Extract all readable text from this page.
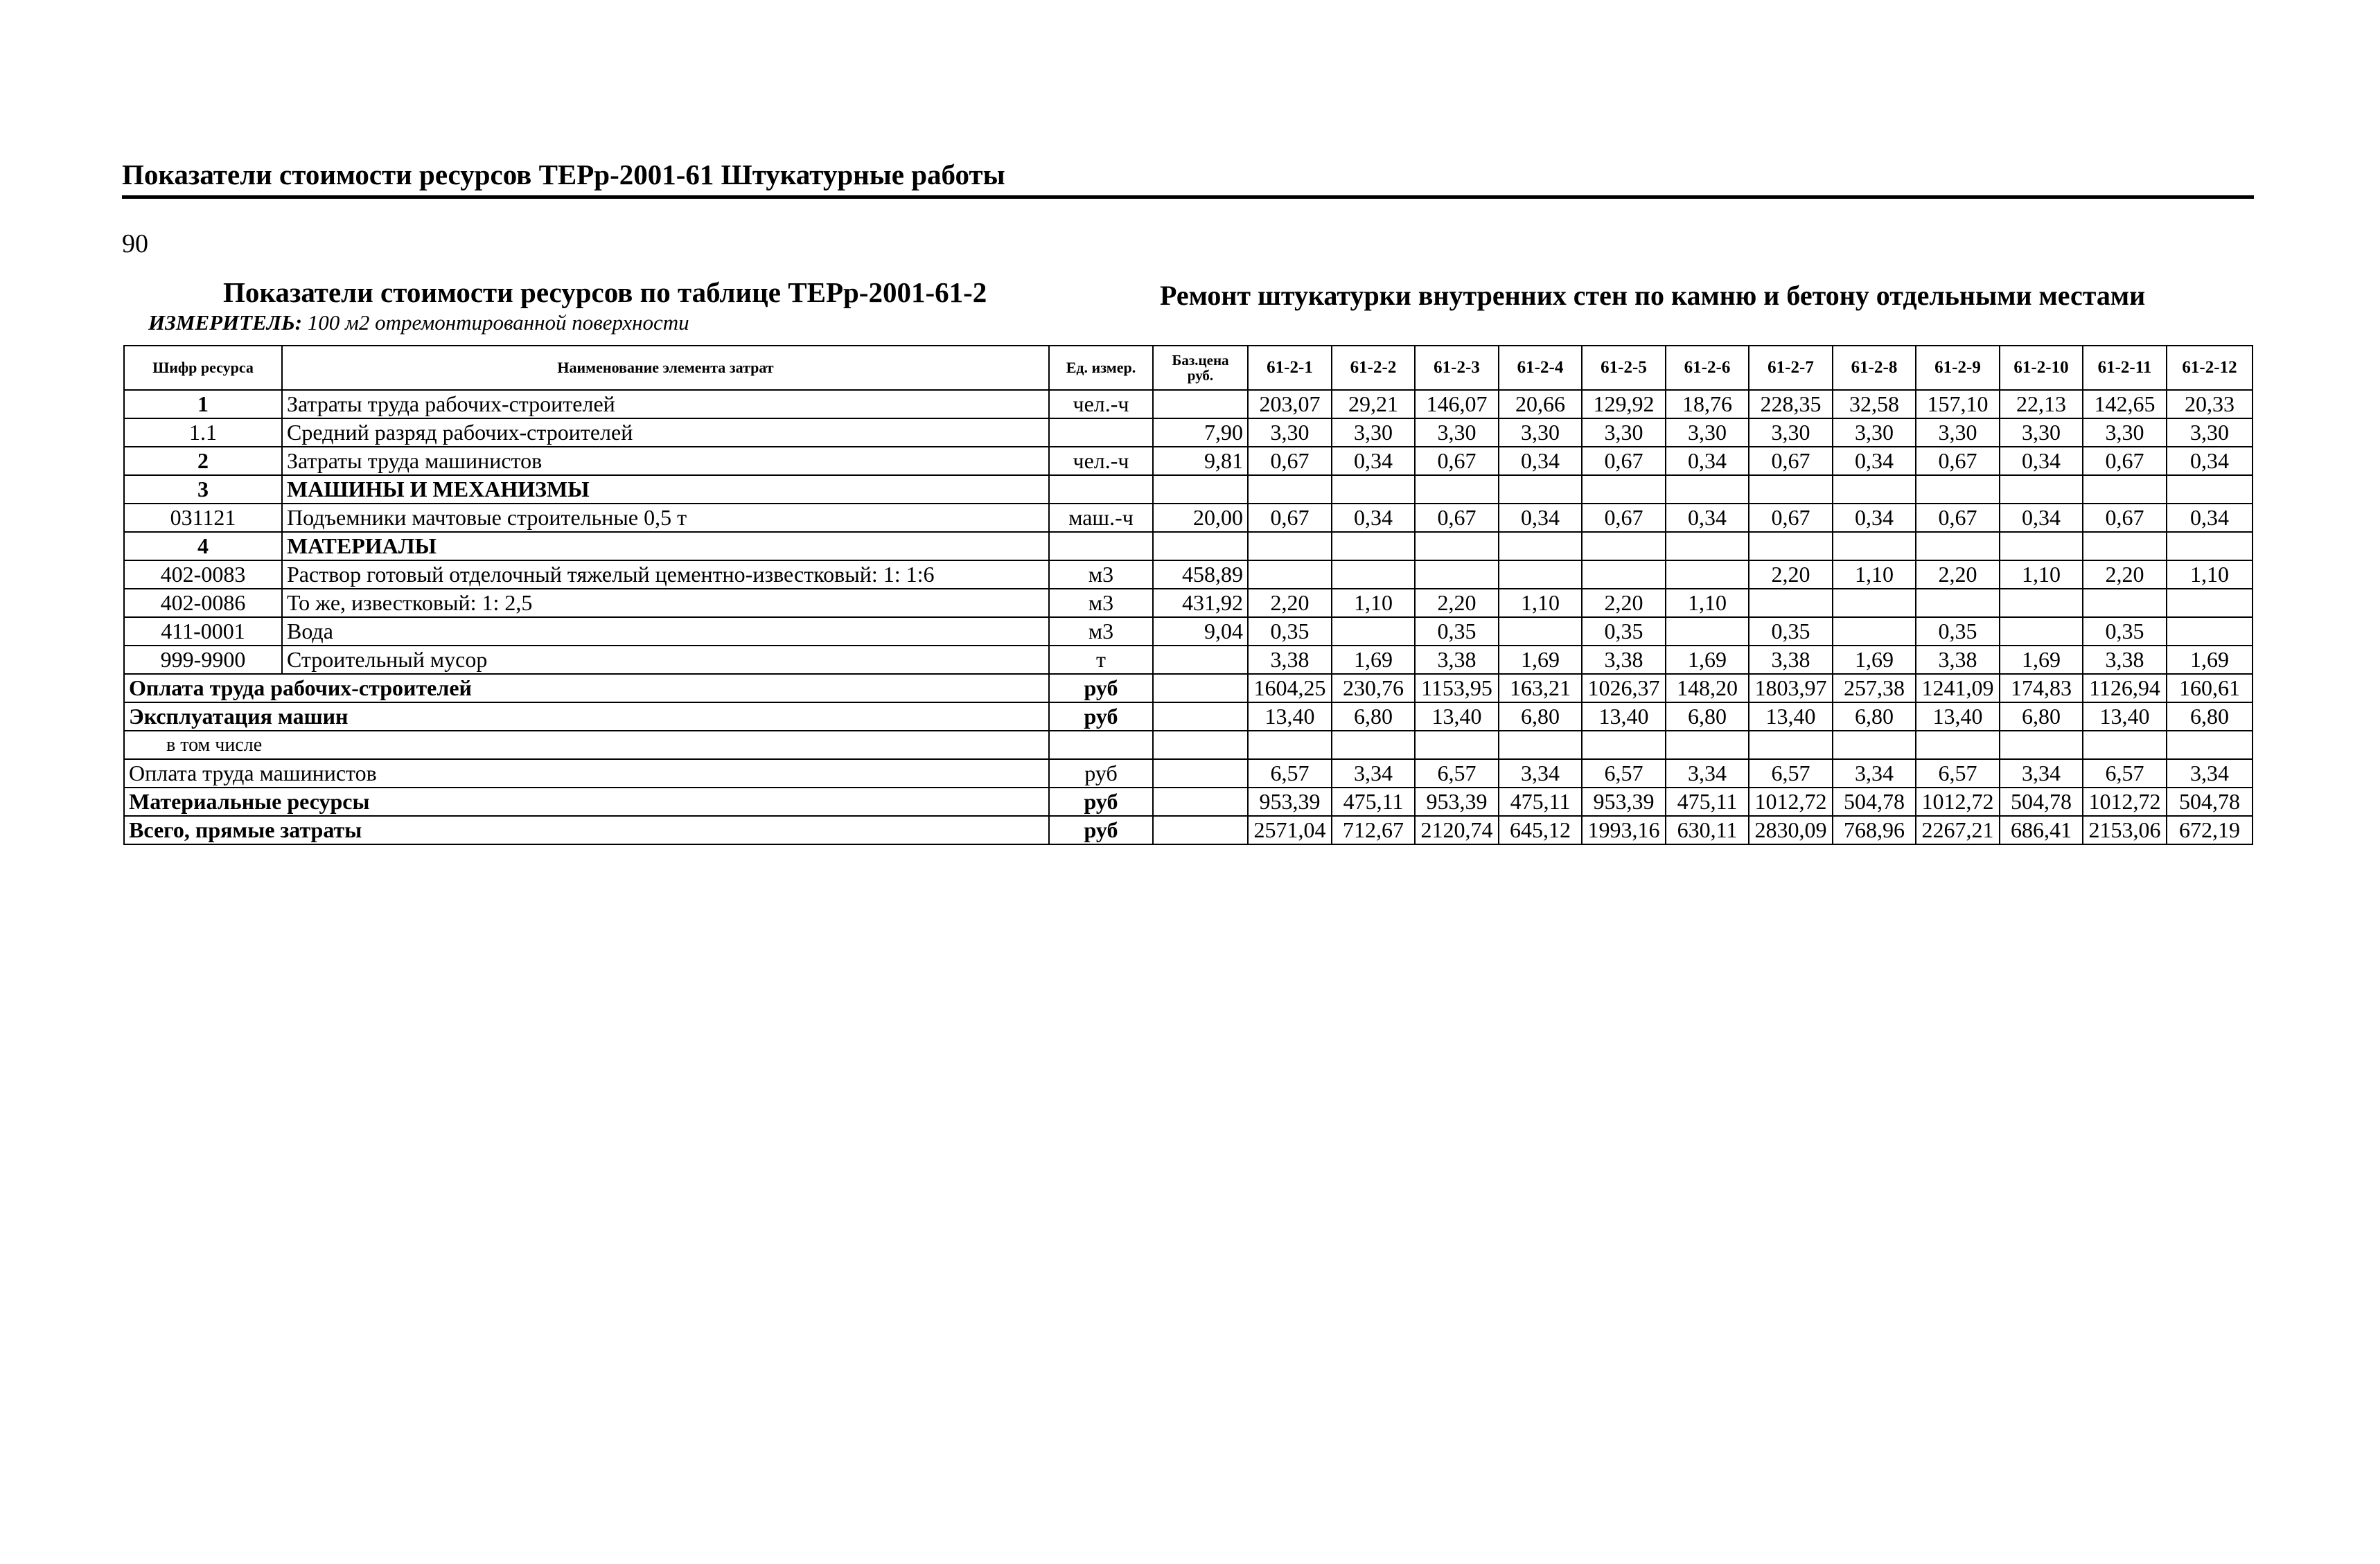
Показатели стоимости ресурсов ТЕРр-2001-61 Штукатурные работы
90
Показатели стоимости ресурсов по таблице ТЕРр-2001-61-2	Ремонт штукатурки внутренних стен по камню и бетону отдельными местами
ИЗМЕРИТЕЛЬ: 100 м2 отремонтированной поверхности
Шифр ресурса	Наименование элемента затрат	Ед. измер.	Баз.цена руб.	61-2-1	61-2-2	61-2-3	61-2-4	61-2-5	61-2-6	61-2-7	61-2-8	61-2-9	61-2-10	61-2-11	61-2-12
1	Затраты труда рабочих-строителей	чел.-ч		203,07	29,21	146,07	20,66	129,92	18,76	228,35	32,58	157,10	22,13	142,65	20,33
1.1	Средний разряд рабочих-строителей		7,90	3,30	3,30	3,30	3,30	3,30	3,30	3,30	3,30	3,30	3,30	3,30	3,30
2	Затраты труда машинистов	чел.-ч	9,81	0,67	0,34	0,67	0,34	0,67	0,34	0,67	0,34	0,67	0,34	0,67	0,34
3	МАШИНЫ И МЕХАНИЗМЫ														
031121	Подъемники мачтовые строительные 0,5 т	маш.-ч	20,00	0,67	0,34	0,67	0,34	0,67	0,34	0,67	0,34	0,67	0,34	0,67	0,34
4	МАТЕРИАЛЫ														
402-0083	Раствор готовый отделочный тяжелый цементно-известковый: 1: 1:6	м3	458,89							2,20	1,10	2,20	1,10	2,20	1,10
402-0086	То же, известковый: 1: 2,5	м3	431,92	2,20	1,10	2,20	1,10	2,20	1,10						
411-0001	Вода	м3	9,04	0,35		0,35		0,35		0,35		0,35		0,35	
999-9900	Строительный мусор	т		3,38	1,69	3,38	1,69	3,38	1,69	3,38	1,69	3,38	1,69	3,38	1,69
Оплата труда рабочих-строителей		руб		1604,25	230,76	1153,95	163,21	1026,37	148,20	1803,97	257,38	1241,09	174,83	1126,94	160,61
Эксплуатация машин		руб		13,40	6,80	13,40	6,80	13,40	6,80	13,40	6,80	13,40	6,80	13,40	6,80
в том числе															
Оплата труда машинистов		руб		6,57	3,34	6,57	3,34	6,57	3,34	6,57	3,34	6,57	3,34	6,57	3,34
Материальные ресурсы		руб		953,39	475,11	953,39	475,11	953,39	475,11	1012,72	504,78	1012,72	504,78	1012,72	504,78
Всего, прямые затраты		руб		2571,04	712,67	2120,74	645,12	1993,16	630,11	2830,09	768,96	2267,21	686,41	2153,06	672,19
